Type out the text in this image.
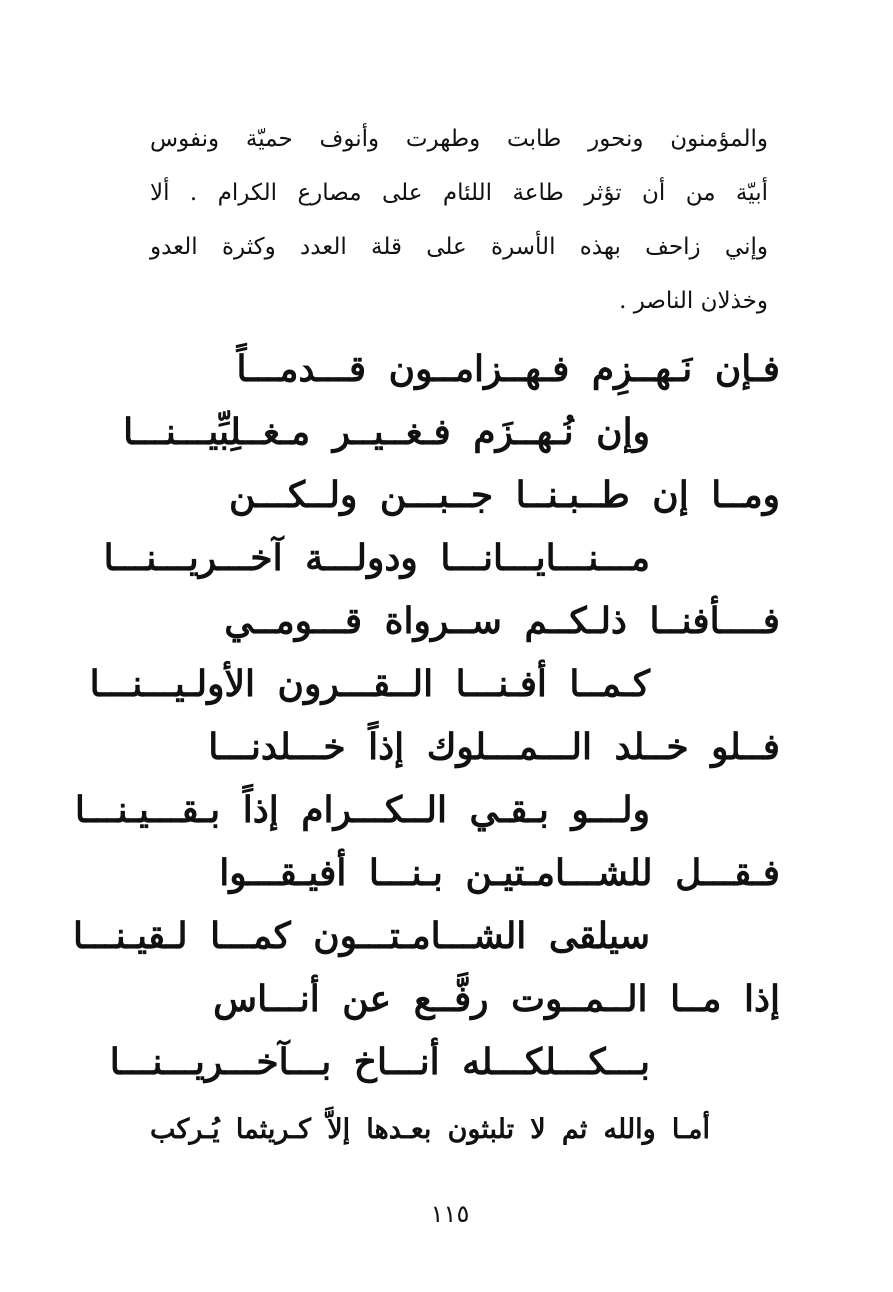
والمؤمنون ونحور طابت وطهرت وأنوف حميّة ونفوس
أبيّة من أن تؤثر طاعة اللئام على مصارع الكرام . ألا
وإني زاحف بهذه الأسرة على قلة العدد وكثرة العدو
وخذلان الناصر .
فـإن نَـهــزِم فـهــزامــون قـــدمـــاً
وإن نُـهــزَم فـغــيــر مـغــلِبِّيـــنـــا
ومــا إن طــبـنــا جــبـــن ولــكـــن
مـــنـــايـــانـــا ودولـــة آخـــريـــنـــا
فــــأفنــا ذلـكــم ســرواة قـــومــي
كـمــا أفـنـــا الــقـــرون الأولـيـــنـــا
فــلو خــلد الـــمـــلوك إذاً خـــلدنـــا
ولـــو بـقـي الــكـــرام إذاً بـقـــيـنـــا
فـقـــل للشـــامـتيـن بـنـــا أفيـقـــوا
سيلقى الشـــامـتـــون كمـــا لـقيـنـــا
إذا مــا الــمــوت رفَّــع عن أنـــاس
بـــكـــلكـــله أنـــاخ بـــآخـــريـــنـــا
أمـا والله ثم لا تلبثون بعـدها إلاَّ كـريثما يُـركب
١١٥
